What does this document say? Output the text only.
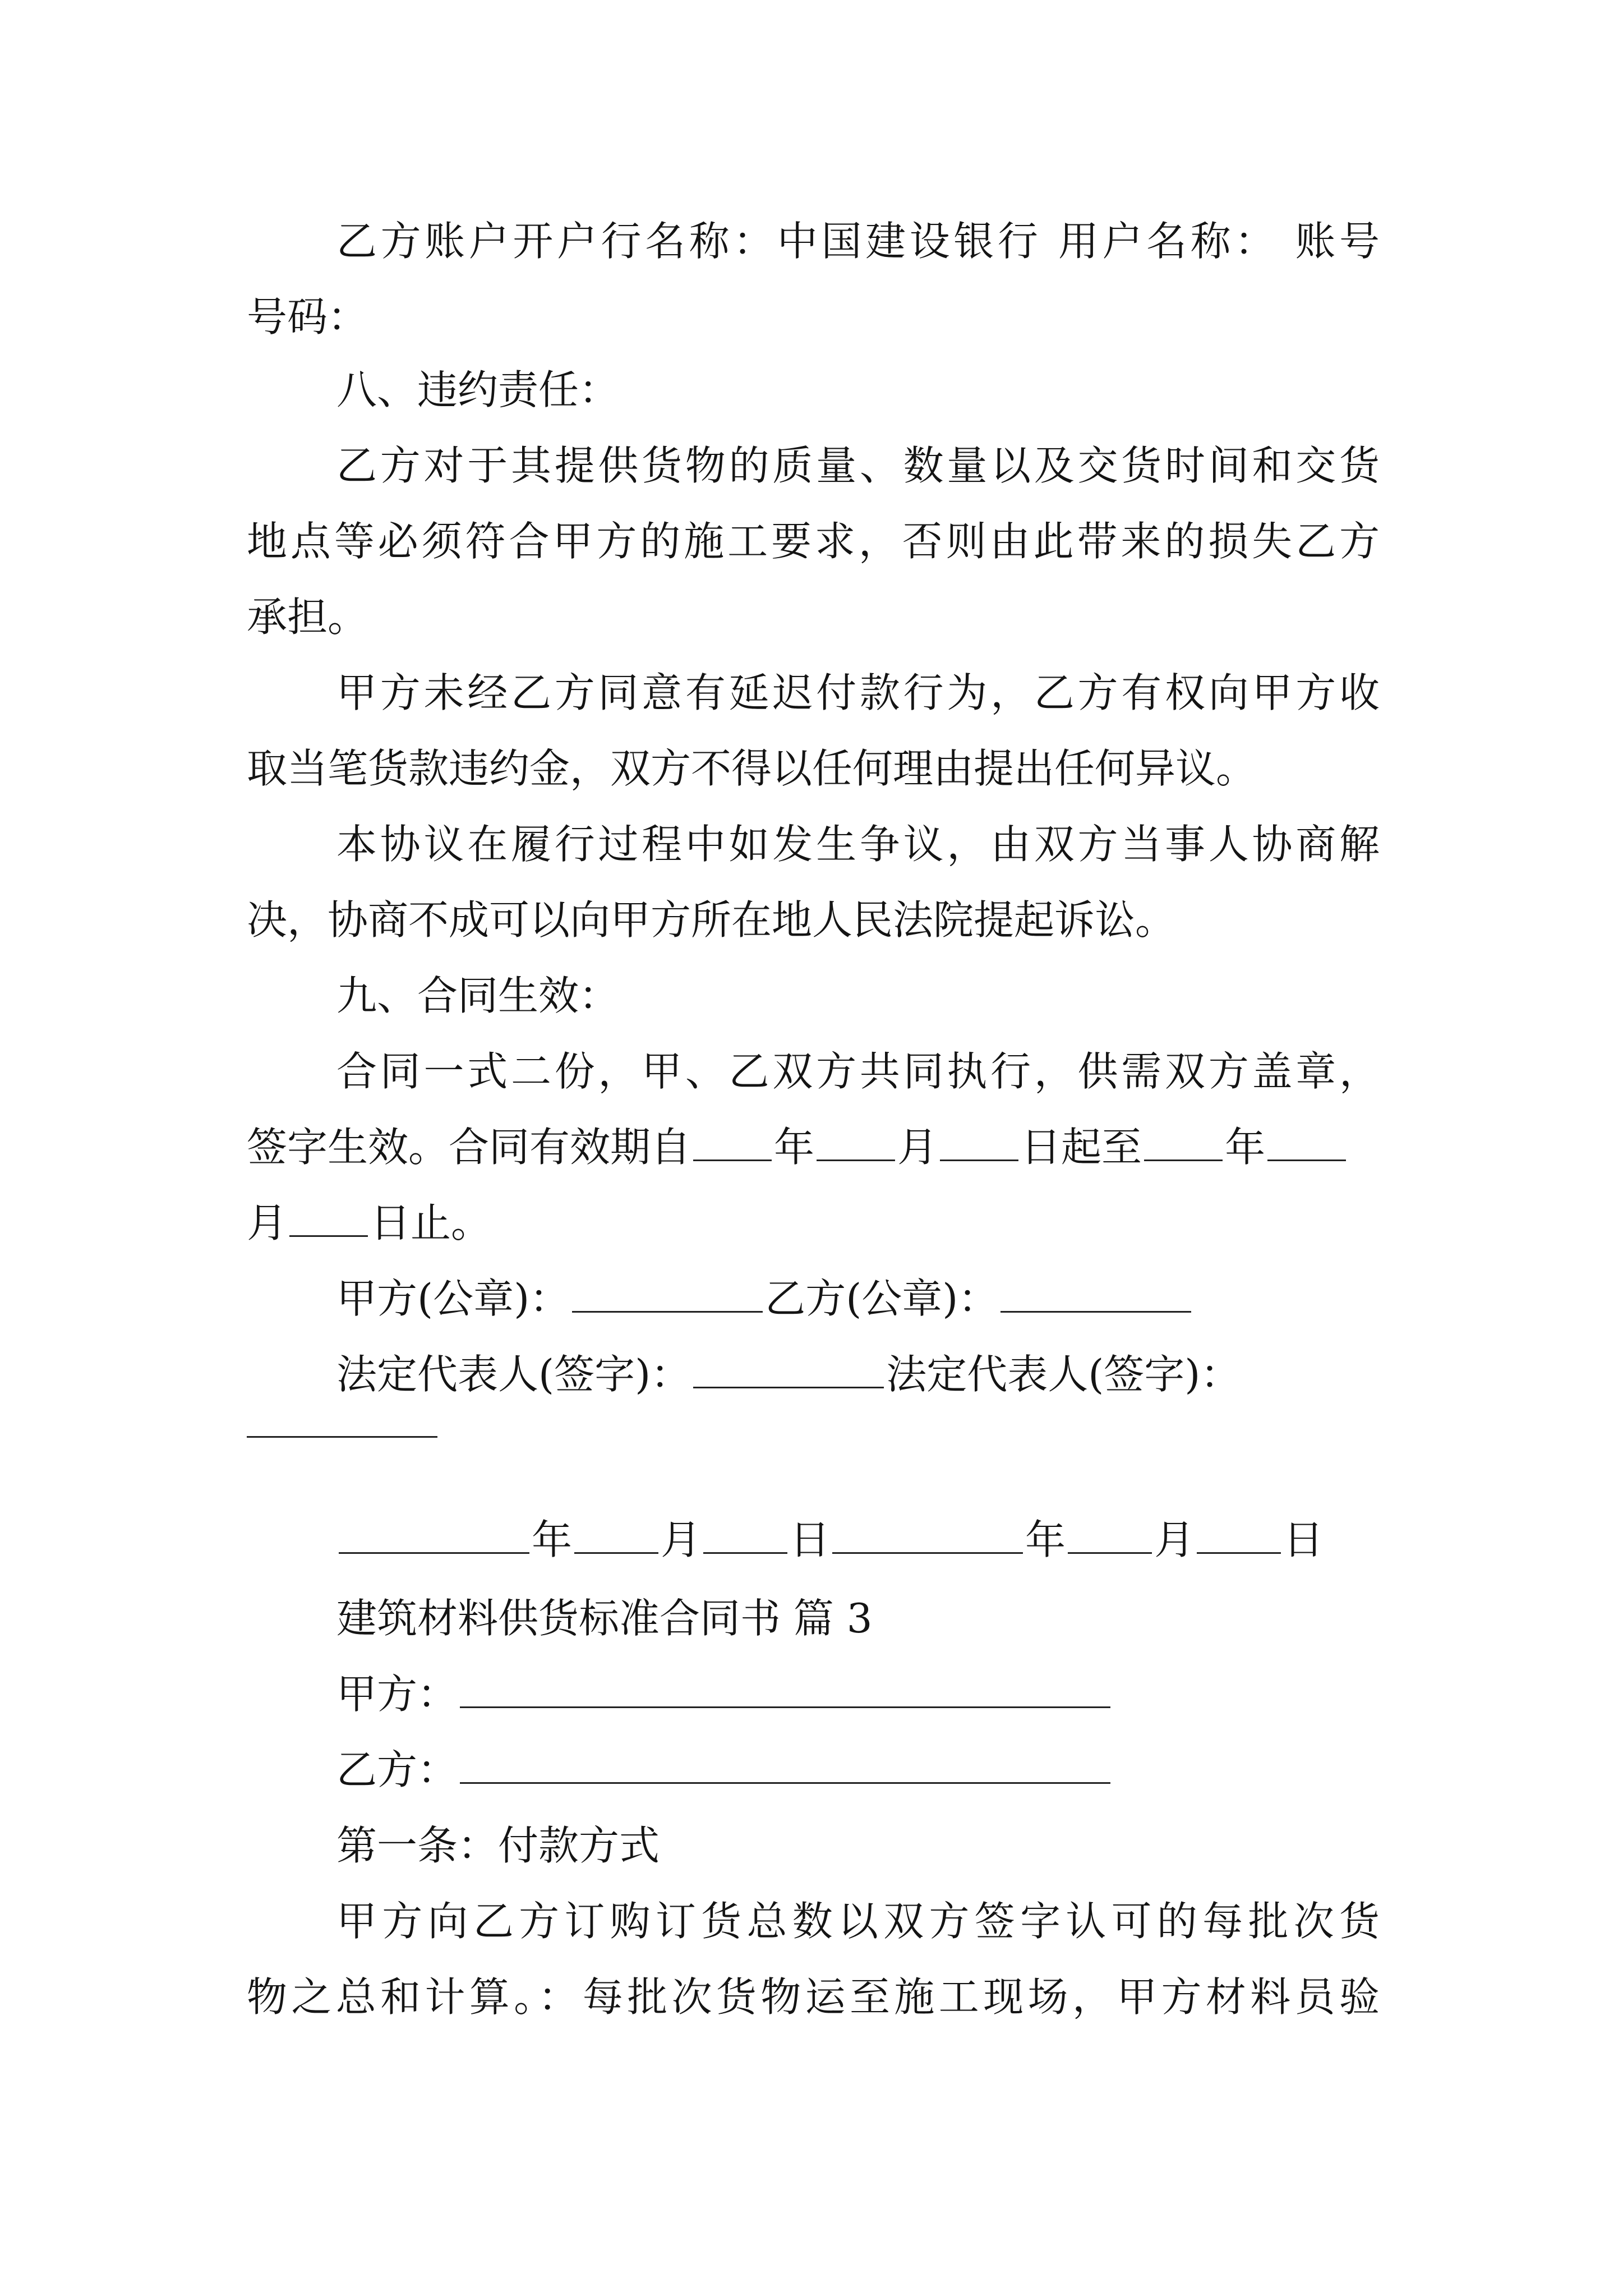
乙方账户开户行名称：中国建设银行 用户名称： 账号
号码：
八、违约责任：
乙方对于其提供货物的质量、数量以及交货时间和交货
地点等必须符合甲方的施工要求，否则由此带来的损失乙方
承担。
甲方未经乙方同意有延迟付款行为，乙方有权向甲方收
取当笔货款违约金，双方不得以任何理由提出任何异议。
本协议在履行过程中如发生争议，由双方当事人协商解
决，协商不成可以向甲方所在地人民法院提起诉讼。
九、合同生效：
合同一式二份，甲、乙双方共同执行，供需双方盖章，
签字生效。合同有效期自 年 月 日起至 年
月 日止。
甲方(公章)：	乙方(公章)：
法定代表人(签字)：	法定代表人(签字)：
年 月 日	年 月 日
建筑材料供货标准合同书 篇 3
甲方：
乙方：
第一条：付款方式
甲方向乙方订购订货总数以双方签字认可的每批次货
物之总和计算。：每批次货物运至施工现场，甲方材料员验
